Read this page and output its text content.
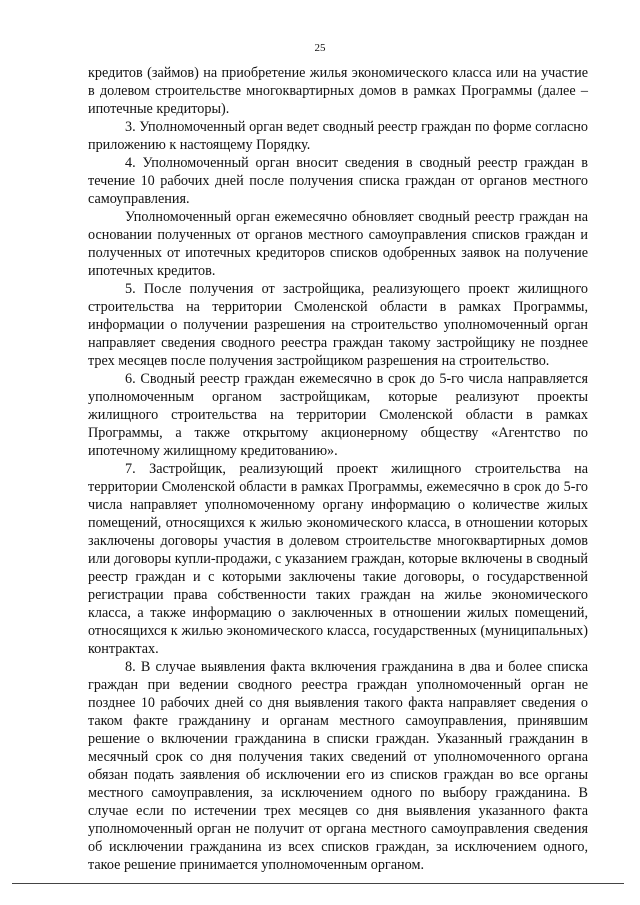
25

кредитов (займов) на приобретение жилья экономического класса или на участие в долевом строительстве многоквартирных домов в рамках Программы (далее – ипотечные кредиторы).

3. Уполномоченный орган ведет сводный реестр граждан по форме согласно приложению к настоящему Порядку.

4. Уполномоченный орган вносит сведения в сводный реестр граждан в течение 10 рабочих дней после получения списка граждан от органов местного самоуправления.

Уполномоченный орган ежемесячно обновляет сводный реестр граждан на основании полученных от органов местного самоуправления списков граждан и полученных от ипотечных кредиторов списков одобренных заявок на получение ипотечных кредитов.

5. После получения от застройщика, реализующего проект жилищного строительства на территории Смоленской области в рамках Программы, информации о получении разрешения на строительство уполномоченный орган направляет сведения сводного реестра граждан такому застройщику не позднее трех месяцев после получения застройщиком разрешения на строительство.

6. Сводный реестр граждан ежемесячно в срок до 5-го числа направляется уполномоченным органом застройщикам, которые реализуют проекты жилищного строительства на территории Смоленской области в рамках Программы, а также открытому акционерному обществу «Агентство по ипотечному жилищному кредитованию».

7. Застройщик, реализующий проект жилищного строительства на территории Смоленской области в рамках Программы, ежемесячно в срок до 5-го числа направляет уполномоченному органу информацию о количестве жилых помещений, относящихся к жилью экономического класса, в отношении которых заключены договоры участия в долевом строительстве многоквартирных домов или договоры купли-продажи, с указанием граждан, которые включены в сводный реестр граждан и с которыми заключены такие договоры, о государственной регистрации права собственности таких граждан на жилье экономического класса, а также информацию о заключенных в отношении жилых помещений, относящихся к жилью экономического класса, государственных (муниципальных) контрактах.

8. В случае выявления факта включения гражданина в два и более списка граждан при ведении сводного реестра граждан уполномоченный орган не позднее 10 рабочих дней со дня выявления такого факта направляет сведения о таком факте гражданину и органам местного самоуправления, принявшим решение о включении гражданина в списки граждан. Указанный гражданин в месячный срок со дня получения таких сведений от уполномоченного органа обязан подать заявления об исключении его из списков граждан во все органы местного самоуправления, за исключением одного по выбору гражданина. В случае если по истечении трех месяцев со дня выявления указанного факта уполномоченный орган не получит от органа местного самоуправления сведения об исключении гражданина из всех списков граждан, за исключением одного, такое решение принимается уполномоченным органом.
